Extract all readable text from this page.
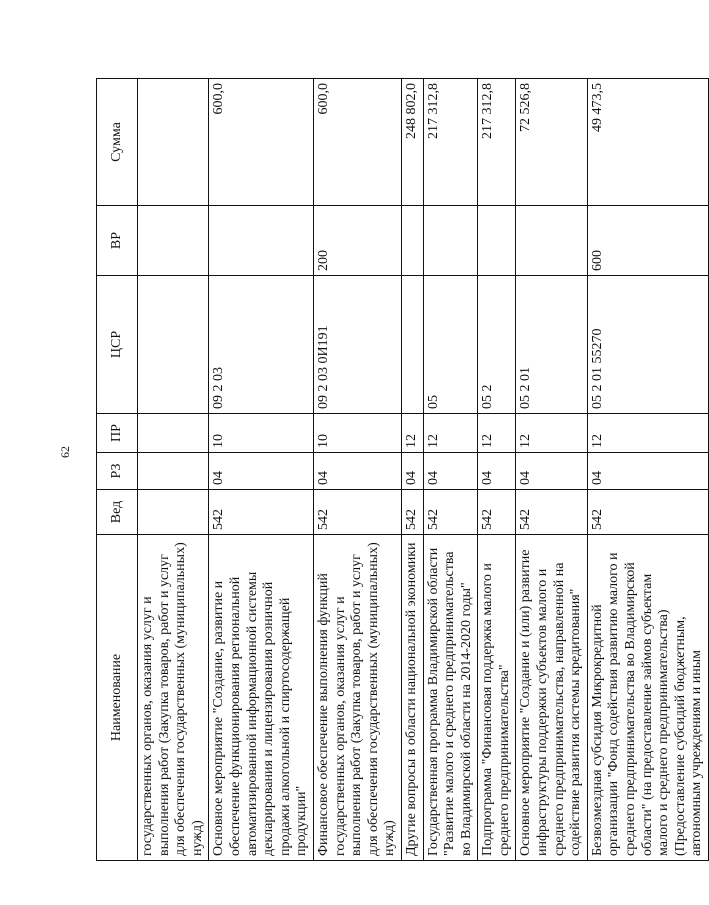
62
Наименование	Вед	РЗ	ПР	ЦСР	ВР	Сумма
государственных органов, оказания услуг и выполнения работ (Закупка товаров, работ и услуг для обеспечения государственных (муниципальных) нужд)						
Основное мероприятие "Создание, развитие и обеспечение функционирования региональной автоматизированной информационной системы декларирования и лицензирования розничной продажи алкогольной и спиртосодержащей продукции"	542	04	10	09 2 03		600,0
Финансовое обеспечение выполнения функций государственных органов, оказания услуг и выполнения работ (Закупка товаров, работ и услуг для обеспечения государственных (муниципальных) нужд)	542	04	10	09 2 03 0И191	200	600,0
Другие вопросы в области национальной экономики	542	04	12			248 802,0
Государственная программа Владимирской области "Развитие малого и среднего предпринимательства во Владимирской области на 2014-2020 годы"	542	04	12	05		217 312,8
Подпрограмма "Финансовая поддержка малого и среднего предпринимательства"	542	04	12	05 2		217 312,8
Основное мероприятие "Создание и (или) развитие инфраструктуры поддержки субъектов малого и среднего предпринимательства, направленной на содействие развития системы кредитования"	542	04	12	05 2 01		72 526,8
Безвозмездная субсидия Микрокредитной организации "Фонд содействия развитию малого и среднего предпринимательства во Владимирской области" (на предоставление займов субъектам малого и среднего предпринимательства) (Предоставление субсидий бюджетным, автономным учреждениям и иным	542	04	12	05 2 01 55270	600	49 473,5
